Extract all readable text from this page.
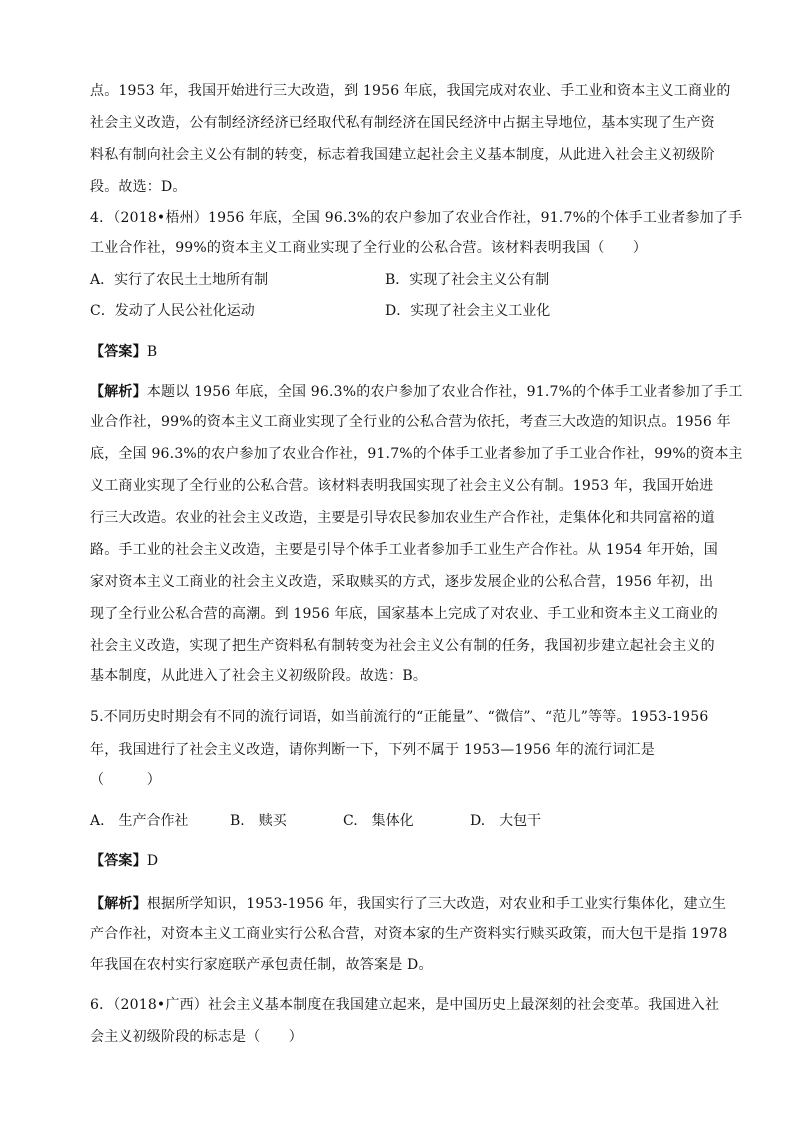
点。1953 年，我国开始进行三大改造，到 1956 年底，我国完成对农业、手工业和资本主义工商业的
社会主义改造，公有制经济经济已经取代私有制经济在国民经济中占据主导地位，基本实现了生产资
料私有制向社会主义公有制的转变，标志着我国建立起社会主义基本制度，从此进入社会主义初级阶
段。故选：D。
4．（2018•梧州）1956 年底，全国 96.3%的农户参加了农业合作社，91.7%的个体手工业者参加了手
工业合作社，99%的资本主义工商业实现了全行业的公私合营。该材料表明我国（　　）
A．实行了农民土土地所有制	B．实现了社会主义公有制
C．发动了人民公社化运动	D．实现了社会主义工业化
【答案】B
【解析】本题以 1956 年底，全国 96.3%的农户参加了农业合作社，91.7%的个体手工业者参加了手工
业合作社，99%的资本主义工商业实现了全行业的公私合营为依托，考查三大改造的知识点。1956 年
底，全国 96.3%的农户参加了农业合作社，91.7%的个体手工业者参加了手工业合作社，99%的资本主
义工商业实现了全行业的公私合营。该材料表明我国实现了社会主义公有制。1953 年，我国开始进
行三大改造。农业的社会主义改造，主要是引导农民参加农业生产合作社，走集体化和共同富裕的道
路。手工业的社会主义改造，主要是引导个体手工业者参加手工业生产合作社。从 1954 年开始，国
家对资本主义工商业的社会主义改造，采取赎买的方式，逐步发展企业的公私合营，1956 年初，出
现了全行业公私合营的高潮。到 1956 年底，国家基本上完成了对农业、手工业和资本主义工商业的
社会主义改造，实现了把生产资料私有制转变为社会主义公有制的任务，我国初步建立起社会主义的
基本制度，从此进入了社会主义初级阶段。故选：B。
5.不同历史时期会有不同的流行词语，如当前流行的“正能量”、“微信”、“范儿”等等。1953-1956
年，我国进行了社会主义改造，请你判断一下，下列不属于 1953—1956 年的流行词汇是
（　　　）
A.　生产合作社	B.　赎买	C.　集体化	D.　大包干
【答案】D
【解析】根据所学知识，1953-1956 年，我国实行了三大改造，对农业和手工业实行集体化，建立生
产合作社，对资本主义工商业实行公私合营，对资本家的生产资料实行赎买政策，而大包干是指 1978
年我国在农村实行家庭联产承包责任制，故答案是 D。
6．（2018•广西）社会主义基本制度在我国建立起来，是中国历史上最深刻的社会变革。我国进入社
会主义初级阶段的标志是（　　）
